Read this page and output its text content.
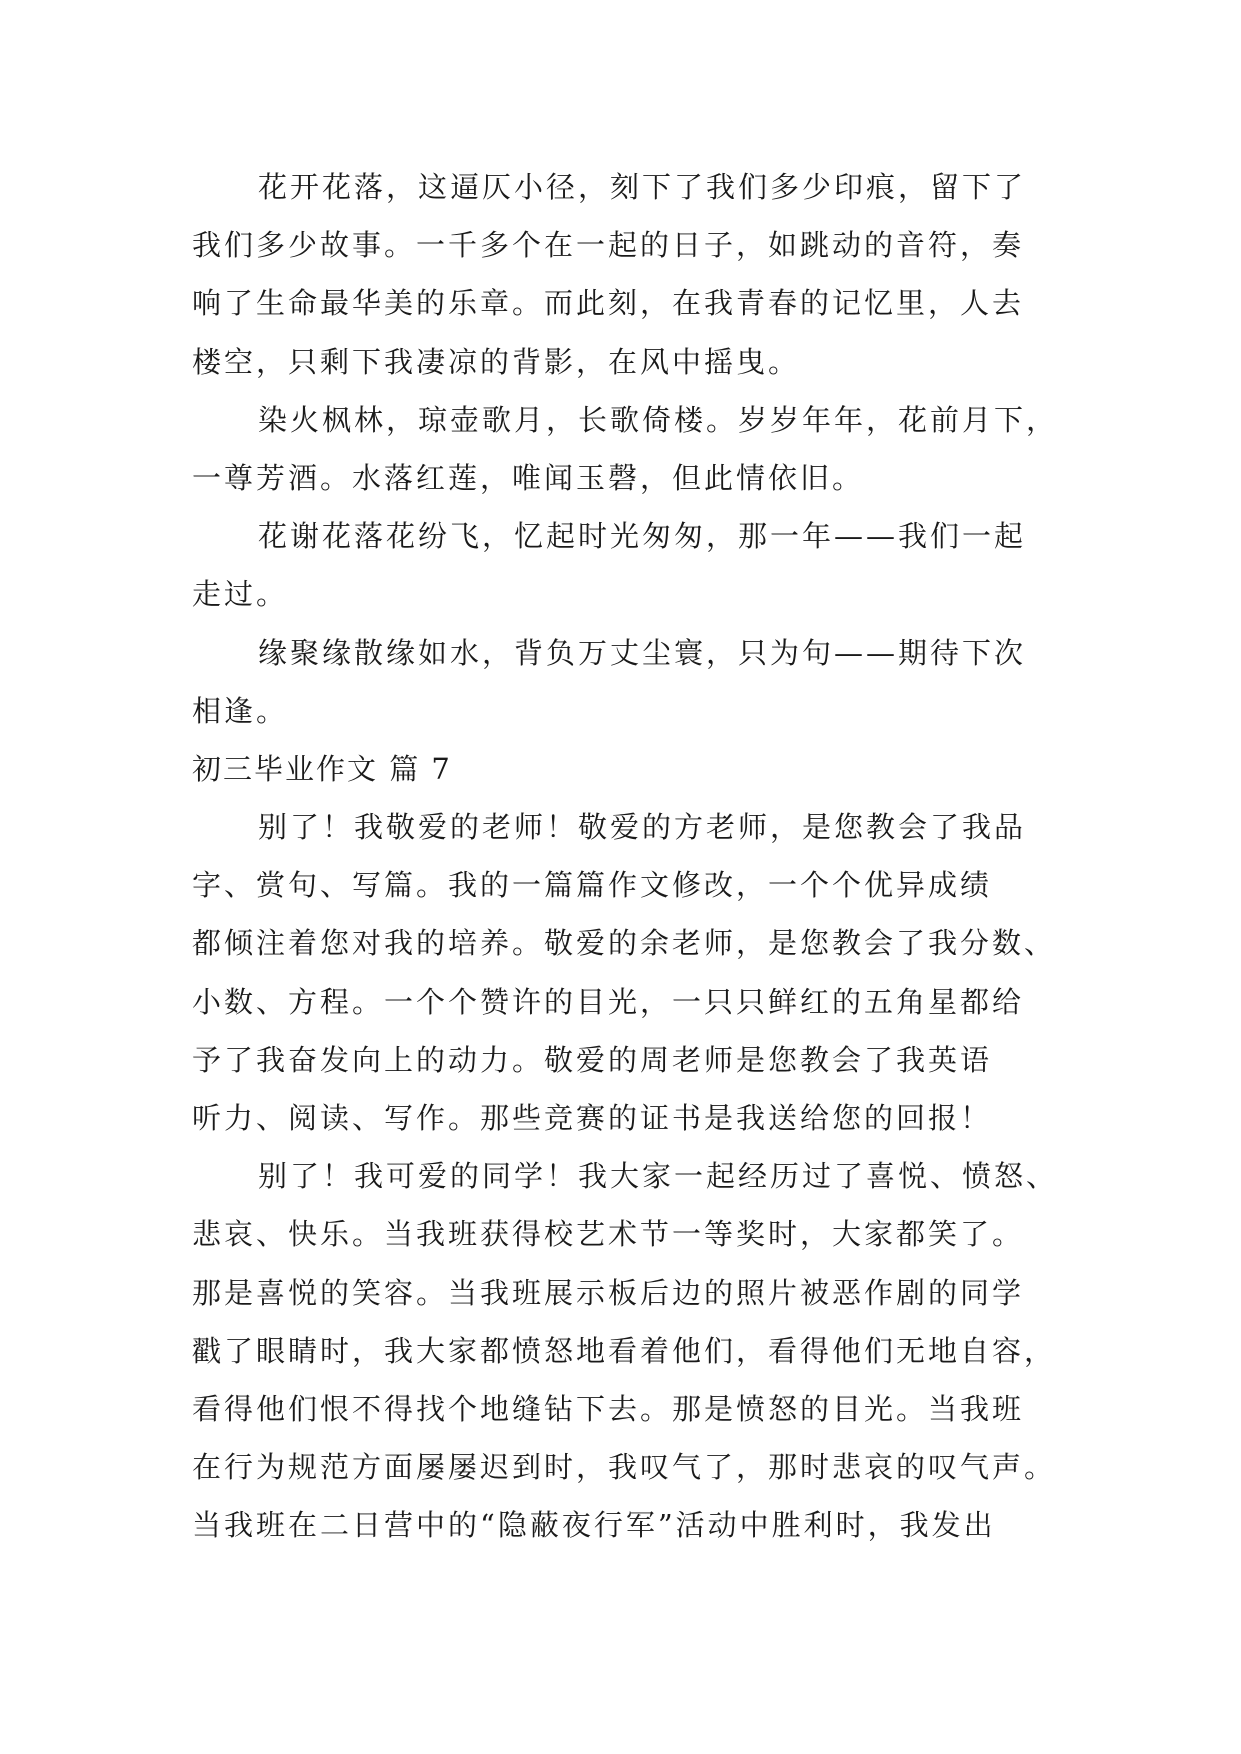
花开花落，这逼仄小径，刻下了我们多少印痕，留下了
我们多少故事。一千多个在一起的日子，如跳动的音符，奏
响了生命最华美的乐章。而此刻，在我青春的记忆里，人去
楼空，只剩下我凄凉的背影，在风中摇曳。
染火枫林，琼壶歌月，长歌倚楼。岁岁年年，花前月下，
一尊芳酒。水落红莲，唯闻玉磬，但此情依旧。
花谢花落花纷飞，忆起时光匆匆，那一年——我们一起
走过。
缘聚缘散缘如水，背负万丈尘寰，只为句——期待下次
相逢。
初三毕业作文 篇 7
别了！我敬爱的老师！敬爱的方老师，是您教会了我品
字、赏句、写篇。我的一篇篇作文修改，一个个优异成绩
都倾注着您对我的培养。敬爱的余老师，是您教会了我分数、
小数、方程。一个个赞许的目光，一只只鲜红的五角星都给
予了我奋发向上的动力。敬爱的周老师是您教会了我英语
听力、阅读、写作。那些竞赛的证书是我送给您的回报！
别了！我可爱的同学！我大家一起经历过了喜悦、愤怒、
悲哀、快乐。当我班获得校艺术节一等奖时，大家都笑了。
那是喜悦的笑容。当我班展示板后边的照片被恶作剧的同学
戳了眼睛时，我大家都愤怒地看着他们，看得他们无地自容，
看得他们恨不得找个地缝钻下去。那是愤怒的目光。当我班
在行为规范方面屡屡迟到时，我叹气了，那时悲哀的叹气声。
当我班在二日营中的“隐蔽夜行军”活动中胜利时，我发出
